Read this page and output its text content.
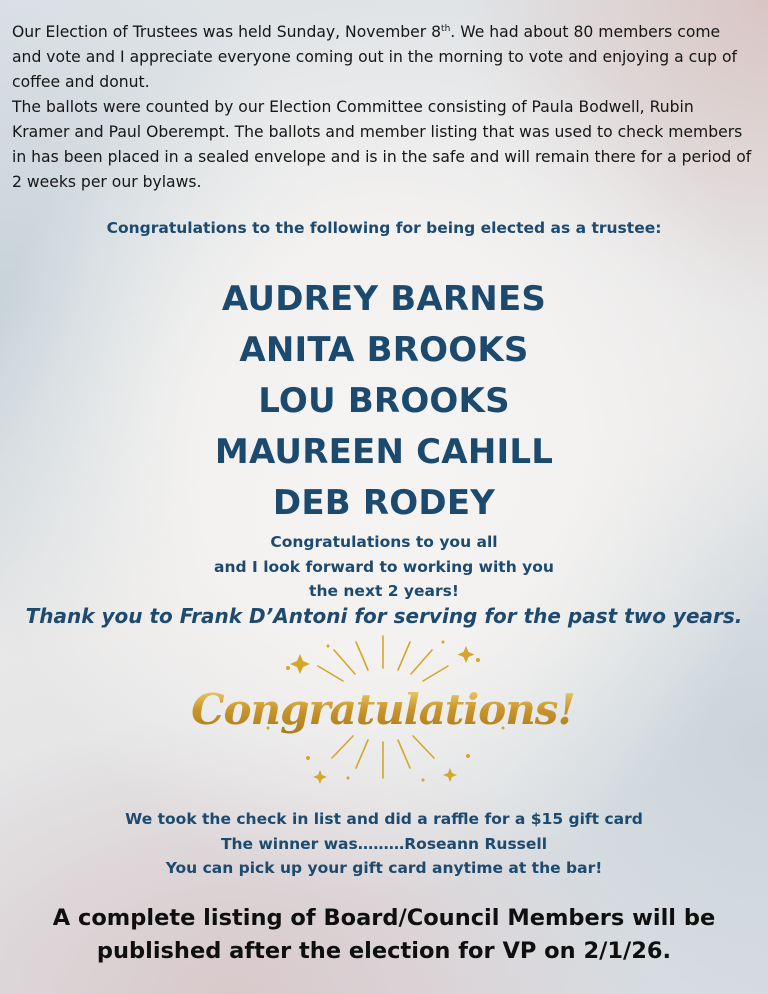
Our Election of Trustees was held Sunday, November 8th. We had about 80 members come and vote and I appreciate everyone coming out in the morning to vote and enjoying a cup of coffee and donut.

The ballots were counted by our Election Committee consisting of Paula Bodwell, Rubin Kramer and Paul Oberempt. The ballots and member listing that was used to check members in has been placed in a sealed envelope and is in the safe and will remain there for a period of 2 weeks per our bylaws.

Congratulations to the following for being elected as a trustee:
AUDREY BARNES
ANITA BROOKS
LOU BROOKS
MAUREEN CAHILL
DEB RODEY
Congratulations to you all
and I look forward to working with you
the next 2 years!
Thank you to Frank D’Antoni for serving for the past two years.
Congratulations!
We took the check in list and did a raffle for a $15 gift card
The winner was………Roseann Russell
You can pick up your gift card anytime at the bar!
A complete listing of Board/Council Members will be
published after the election for VP on 2/1/26.
